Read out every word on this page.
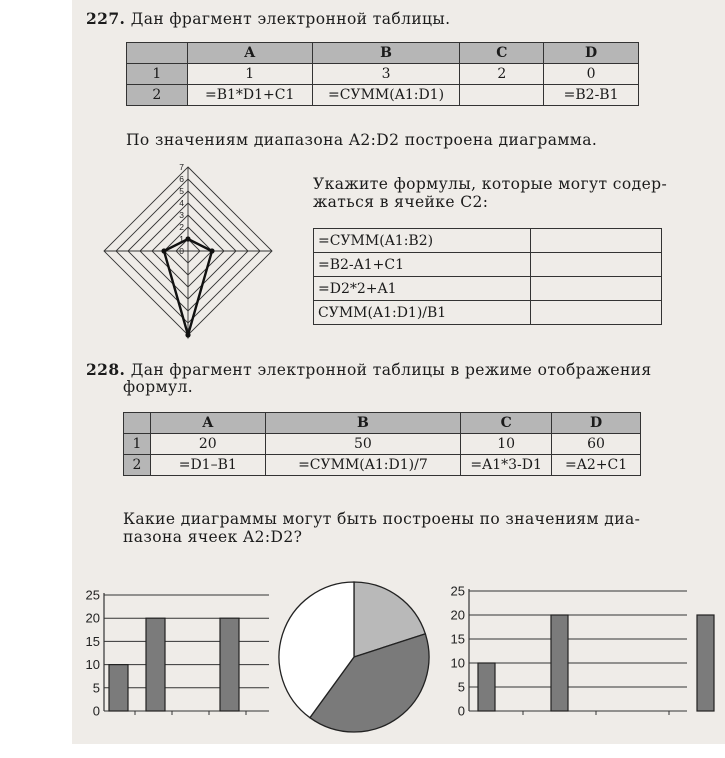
227. Дан фрагмент электронной таблицы.
	A	B	C	D
1	1	3	2	0
2	=B1*D1+C1	=СУММ(A1:D1)		=B2-B1
По значениям диапазона A2:D2 построена диаграмма.
0
1
2
3
4
5
6
7
Укажите формулы, которые могут содер-
жаться в ячейке C2:
=СУММ(A1:B2)	
=B2-A1+C1	
=D2*2+A1	
СУММ(A1:D1)/B1	
228. Дан фрагмент электронной таблицы в режиме отображения
формул.
	A	B	C	D
1	20	50	10	60
2	=D1–B1	=СУММ(A1:D1)/7	=A1*3-D1	=A2+C1
Какие диаграммы могут быть построены по значениям диа-
пазона ячеек A2:D2?
0
5
10
15
20
25
0
5
10
15
20
25
